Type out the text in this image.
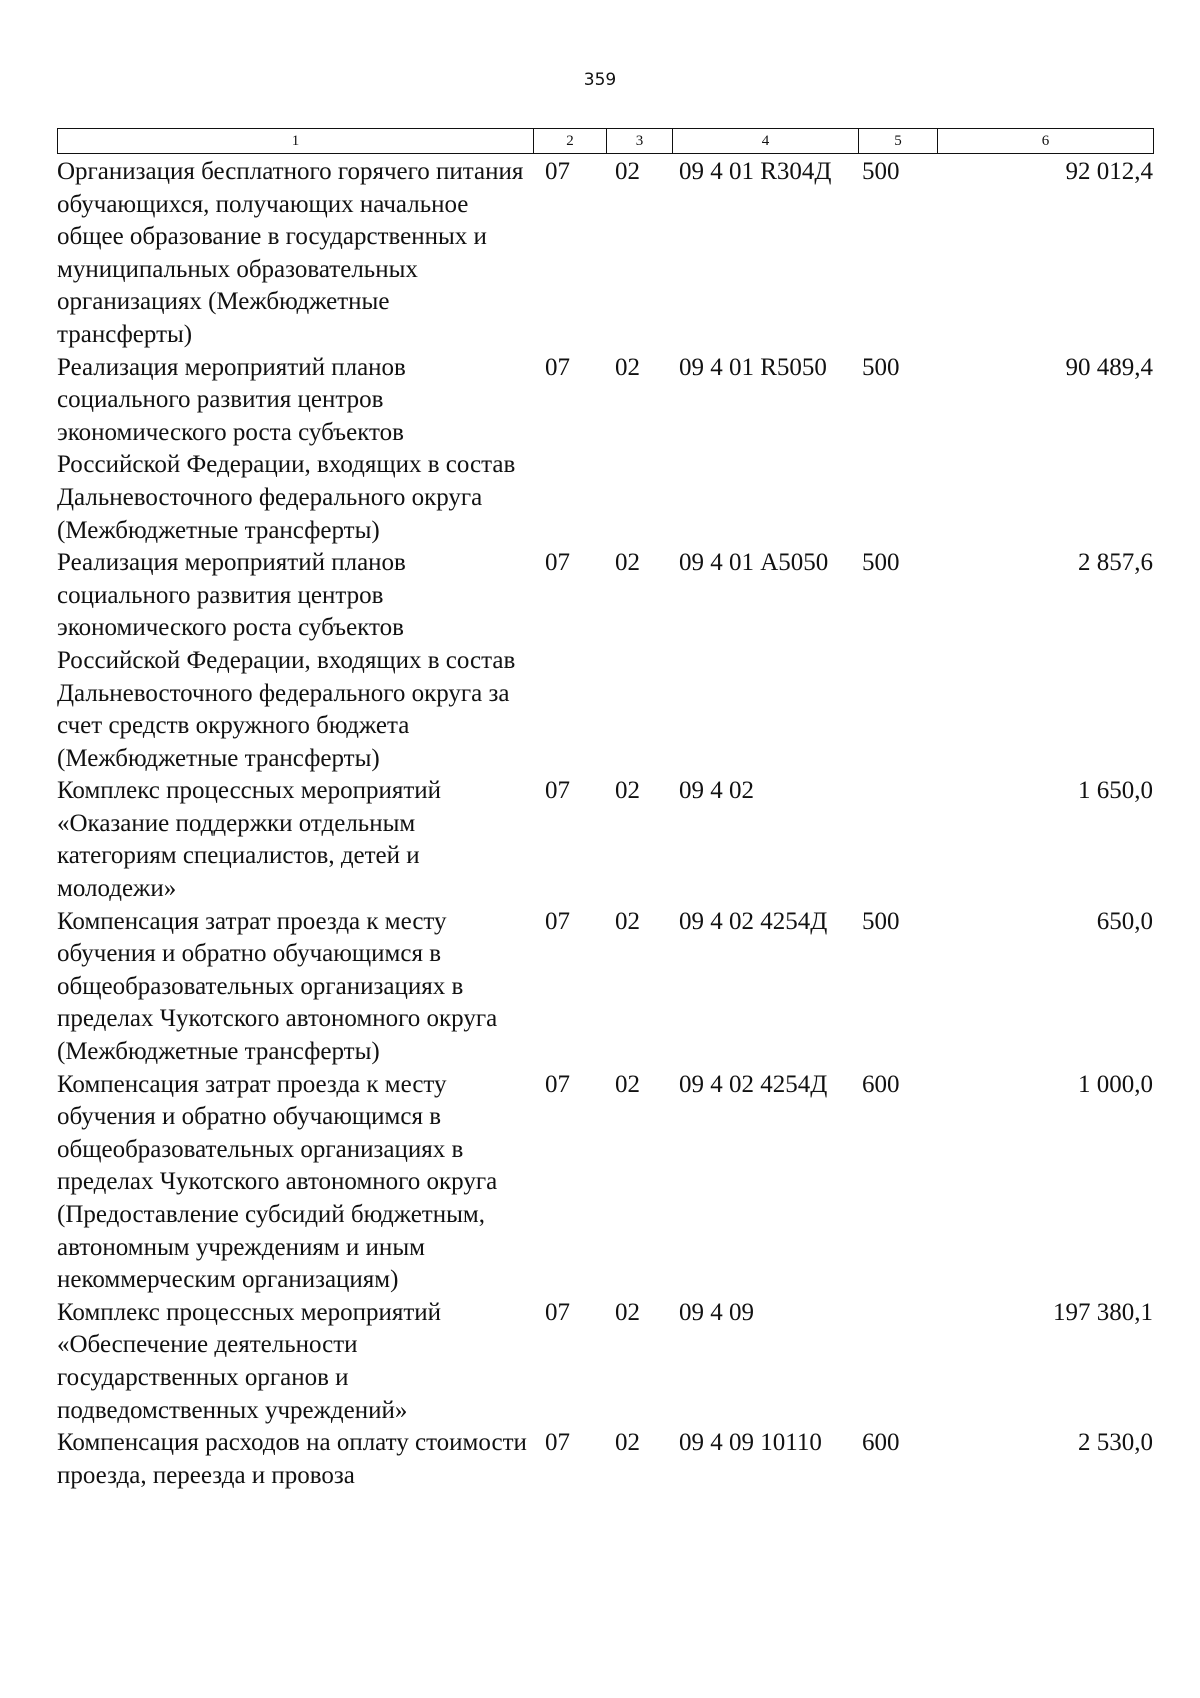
359
1	2	3	4	5	6
Организация бесплатного горячего питания обучающихся, получающих начальное общее образование в государственных и муниципальных образовательных организациях (Межбюджетные трансферты)	07	02	09 4 01 R304Д	500	92 012,4
Реализация мероприятий планов социального развития центров экономического роста субъектов Российской Федерации, входящих в состав Дальневосточного федерального округа (Межбюджетные трансферты)	07	02	09 4 01 R5050	500	90 489,4
Реализация мероприятий планов социального развития центров экономического роста субъектов Российской Федерации, входящих в состав Дальневосточного федерального округа за счет средств окружного бюджета (Межбюджетные трансферты)	07	02	09 4 01 А5050	500	2 857,6
Комплекс процессных мероприятий «Оказание поддержки отдельным категориям специалистов, детей и молодежи»	07	02	09 4 02		1 650,0
Компенсация затрат проезда к месту обучения и обратно обучающимся в общеобразовательных организациях в пределах Чукотского автономного округа (Межбюджетные трансферты)	07	02	09 4 02 4254Д	500	650,0
Компенсация затрат проезда к месту обучения и обратно обучающимся в общеобразовательных организациях в пределах Чукотского автономного округа (Предоставление субсидий бюджетным, автономным учреждениям и иным некоммерческим организациям)	07	02	09 4 02 4254Д	600	1 000,0
Комплекс процессных мероприятий «Обеспечение деятельности государственных органов и подведомственных учреждений»	07	02	09 4 09		197 380,1
Компенсация расходов на оплату стоимости проезда, переезда и провоза	07	02	09 4 09 10110	600	2 530,0
